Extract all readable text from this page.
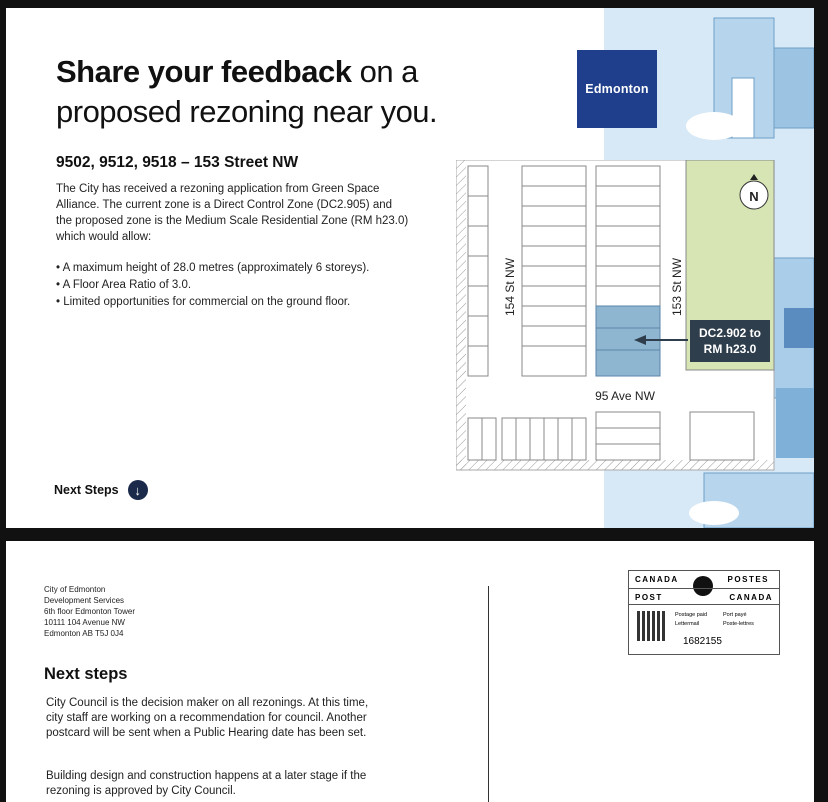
Edmonton
Share your feedback on a proposed rezoning near you.
9502, 9512, 9518 – 153 Street NW
The City has received a rezoning application from Green Space Alliance. The current zone is a Direct Control Zone (DC2.905) and the proposed zone is the Medium Scale Residential Zone (RM h23.0) which would allow:
• A maximum height of 28.0 metres (approximately 6 storeys).
• A Floor Area Ratio of 3.0.
• Limited opportunities for commercial on the ground floor.
Next Steps	↓
DC2.902 to
RM h23.0
154 St NW	153 St NW
95 Ave NW
N
City of Edmonton
Development Services
6th floor Edmonton Tower
10111 104 Avenue NW
Edmonton AB T5J 0J4
Next steps
City Council is the decision maker on all rezonings. At this time, city staff are working on a recommendation for council. Another postcard will be sent when a Public Hearing date has been set.
Building design and construction happens at a later stage if the rezoning is approved by City Council.
CANADA	POSTES
POST	CANADA
Postage paid
Lettermail
Port payé
Poste-lettres
1682155
